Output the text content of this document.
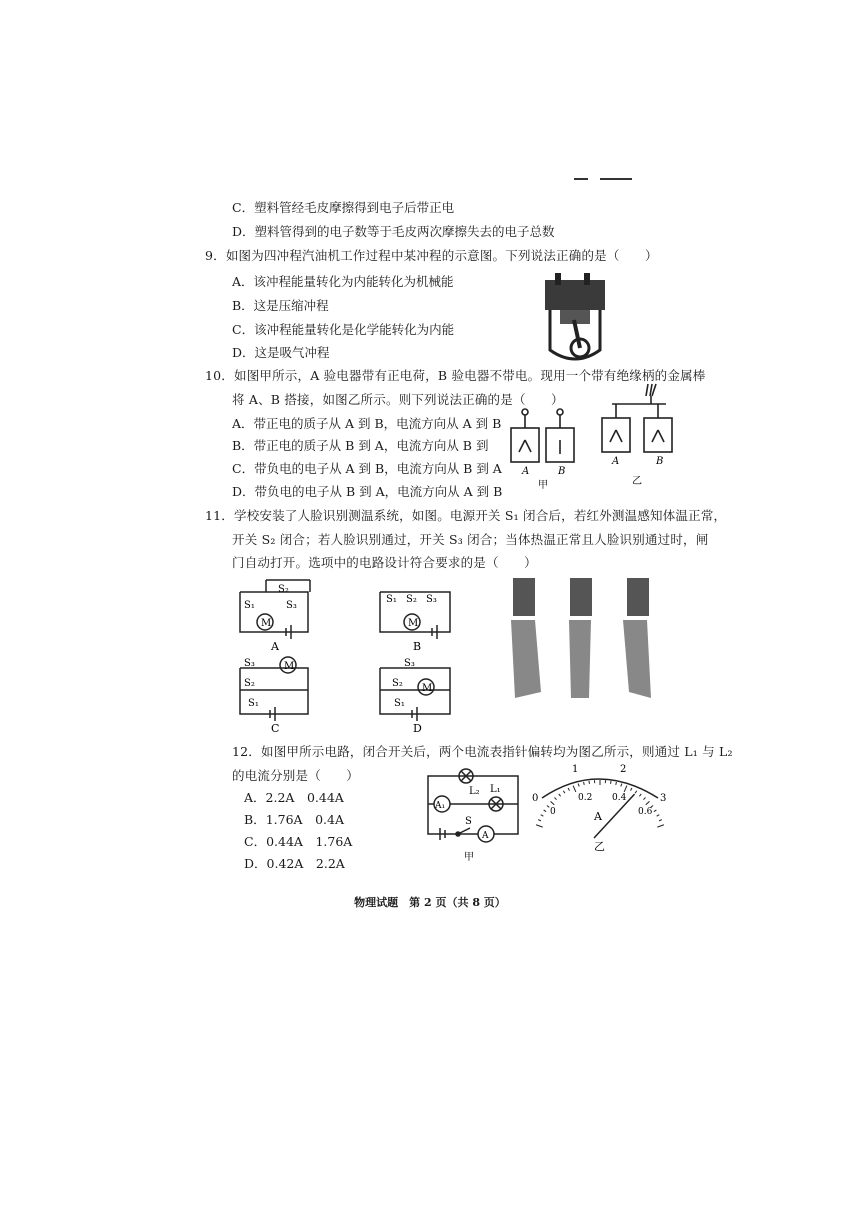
C．塑料管经毛皮摩擦得到电子后带正电
D．塑料管得到的电子数等于毛皮两次摩擦失去的电子总数
9．如图为四冲程汽油机工作过程中某冲程的示意图。下列说法正确的是（　　）
A．该冲程能量转化为内能转化为机械能
B．这是压缩冲程
C．该冲程能量转化是化学能转化为内能
D．这是吸气冲程
10．如图甲所示，A 验电器带有正电荷，B 验电器不带电。现用一个带有绝缘柄的金属棒
将 A、B 搭接，如图乙所示。则下列说法正确的是（　　）
A．带正电的质子从 A 到 B，电流方向从 A 到 B
B．带正电的质子从 B 到 A，电流方向从 B 到
C．带负电的电子从 A 到 B，电流方向从 B 到 A
D．带负电的电子从 B 到 A，电流方向从 A 到 B
A	B
甲
A	B
乙
11．学校安装了人脸识别测温系统，如图。电源开关 S₁ 闭合后，若红外测温感知体温正常，
开关 S₂ 闭合；若人脸识别通过，开关 S₃ 闭合；当体热温正常且人脸识别通过时，闸
门自动打开。选项中的电路设计符合要求的是（　　）
M	M
M
M
S₁
S₂
S₃
S₁ S₂ S₃
S₃
S₂
S₁
S₃
S₂
S₁
A	B
C	D
12．如图甲所示电路，闭合开关后，两个电流表指针偏转均为图乙所示，则通过 L₁ 与 L₂
的电流分别是（　　）
A．2.2A　 0.44A
B．1.76A　 0.4A
C．0.44A　 1.76A
D．0.42A　 2.2A
L₂ L₁
A₁
A
S
甲
0
1	2
3
0
0.2 0.4
0.6
A
乙
物理试题　第 2 页（共 8 页）
